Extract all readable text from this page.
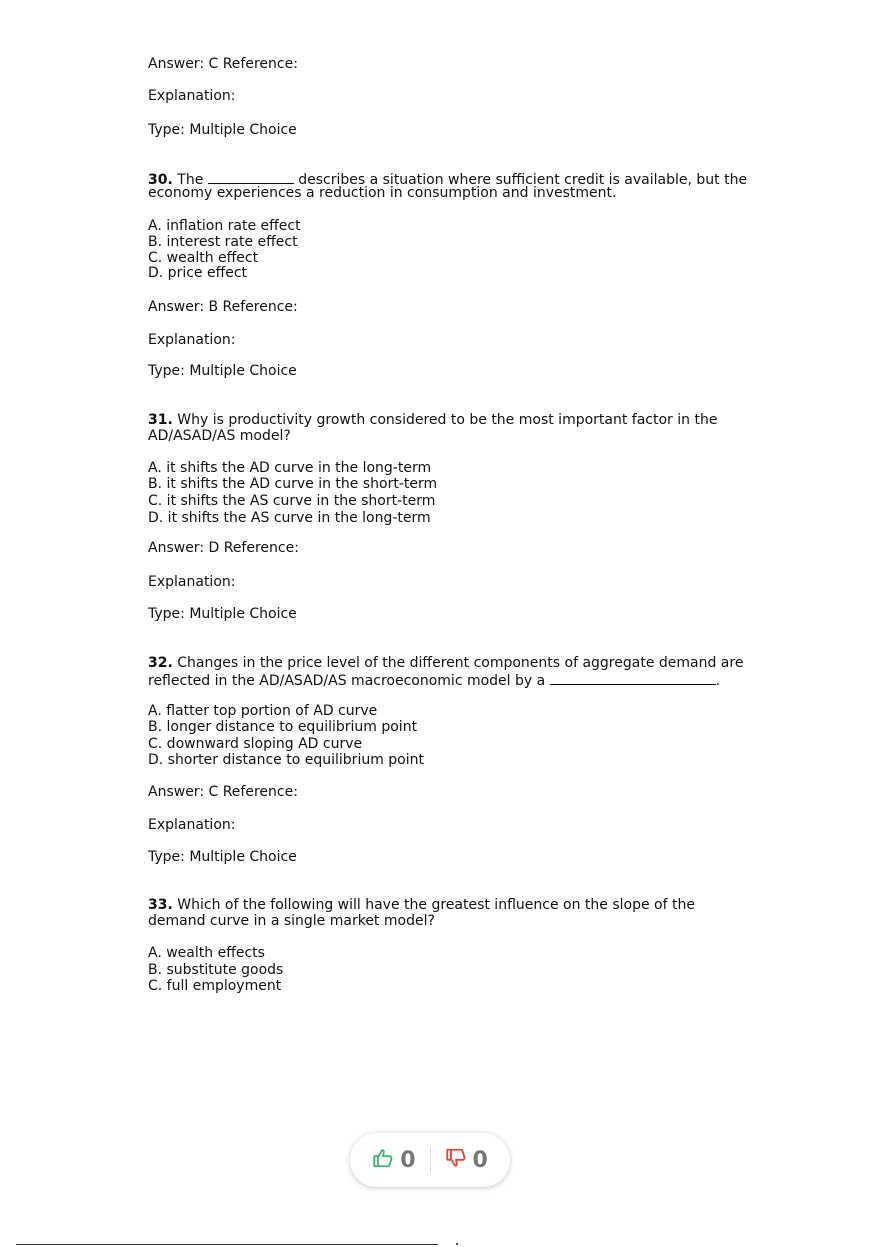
Answer: C Reference:
Explanation:
Type: Multiple Choice
30. The	describes a situation where sufficient credit is available, but the
economy experiences a reduction in consumption and investment.
A. inflation rate effect
B. interest rate effect
C. wealth effect
D. price effect
Answer: B Reference:
Explanation:
Type: Multiple Choice
31. Why is productivity growth considered to be the most important factor in the
AD/ASAD/AS model?
A. it shifts the AD curve in the long-term
B. it shifts the AD curve in the short-term
C. it shifts the AS curve in the short-term
D. it shifts the AS curve in the long-term
Answer: D Reference:
Explanation:
Type: Multiple Choice
32. Changes in the price level of the different components of aggregate demand are
reflected in the AD/ASAD/AS macroeconomic model by a	.
A. flatter top portion of AD curve
B. longer distance to equilibrium point
C. downward sloping AD curve
D. shorter distance to equilibrium point
Answer: C Reference:
Explanation:
Type: Multiple Choice
33. Which of the following will have the greatest influence on the slope of the
demand curve in a single market model?
A. wealth effects
B. substitute goods
C. full employment
0	0
